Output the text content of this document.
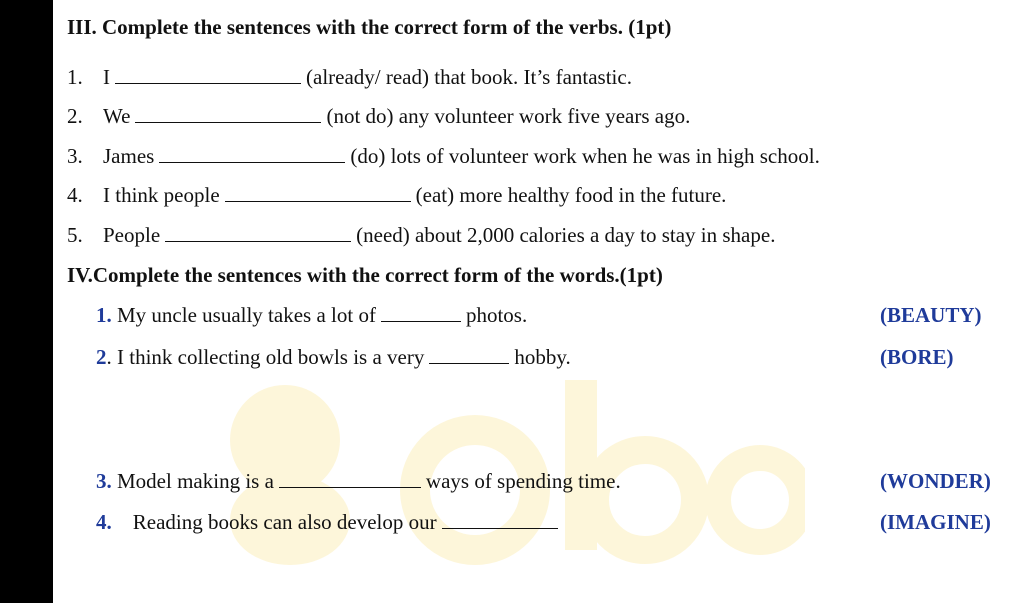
III. Complete the sentences with the correct form of the verbs. (1pt)
1. I	(already/ read) that book. It’s fantastic.
2. We	(not do) any volunteer work five years ago.
3. James	(do) lots of volunteer work when he was in high school.
4. I think people	(eat) more healthy food in the future.
5. People	(need) about 2,000 calories a day to stay in shape.
IV.Complete the sentences with the correct form of the words.(1pt)
1. My uncle usually takes a lot of	photos.	(BEAUTY)
2. I think collecting old bowls is a very	hobby.	(BORE)
3. Model making is a	ways of spending time.	(WONDER)
4. Reading books can also develop our	(IMAGINE)
